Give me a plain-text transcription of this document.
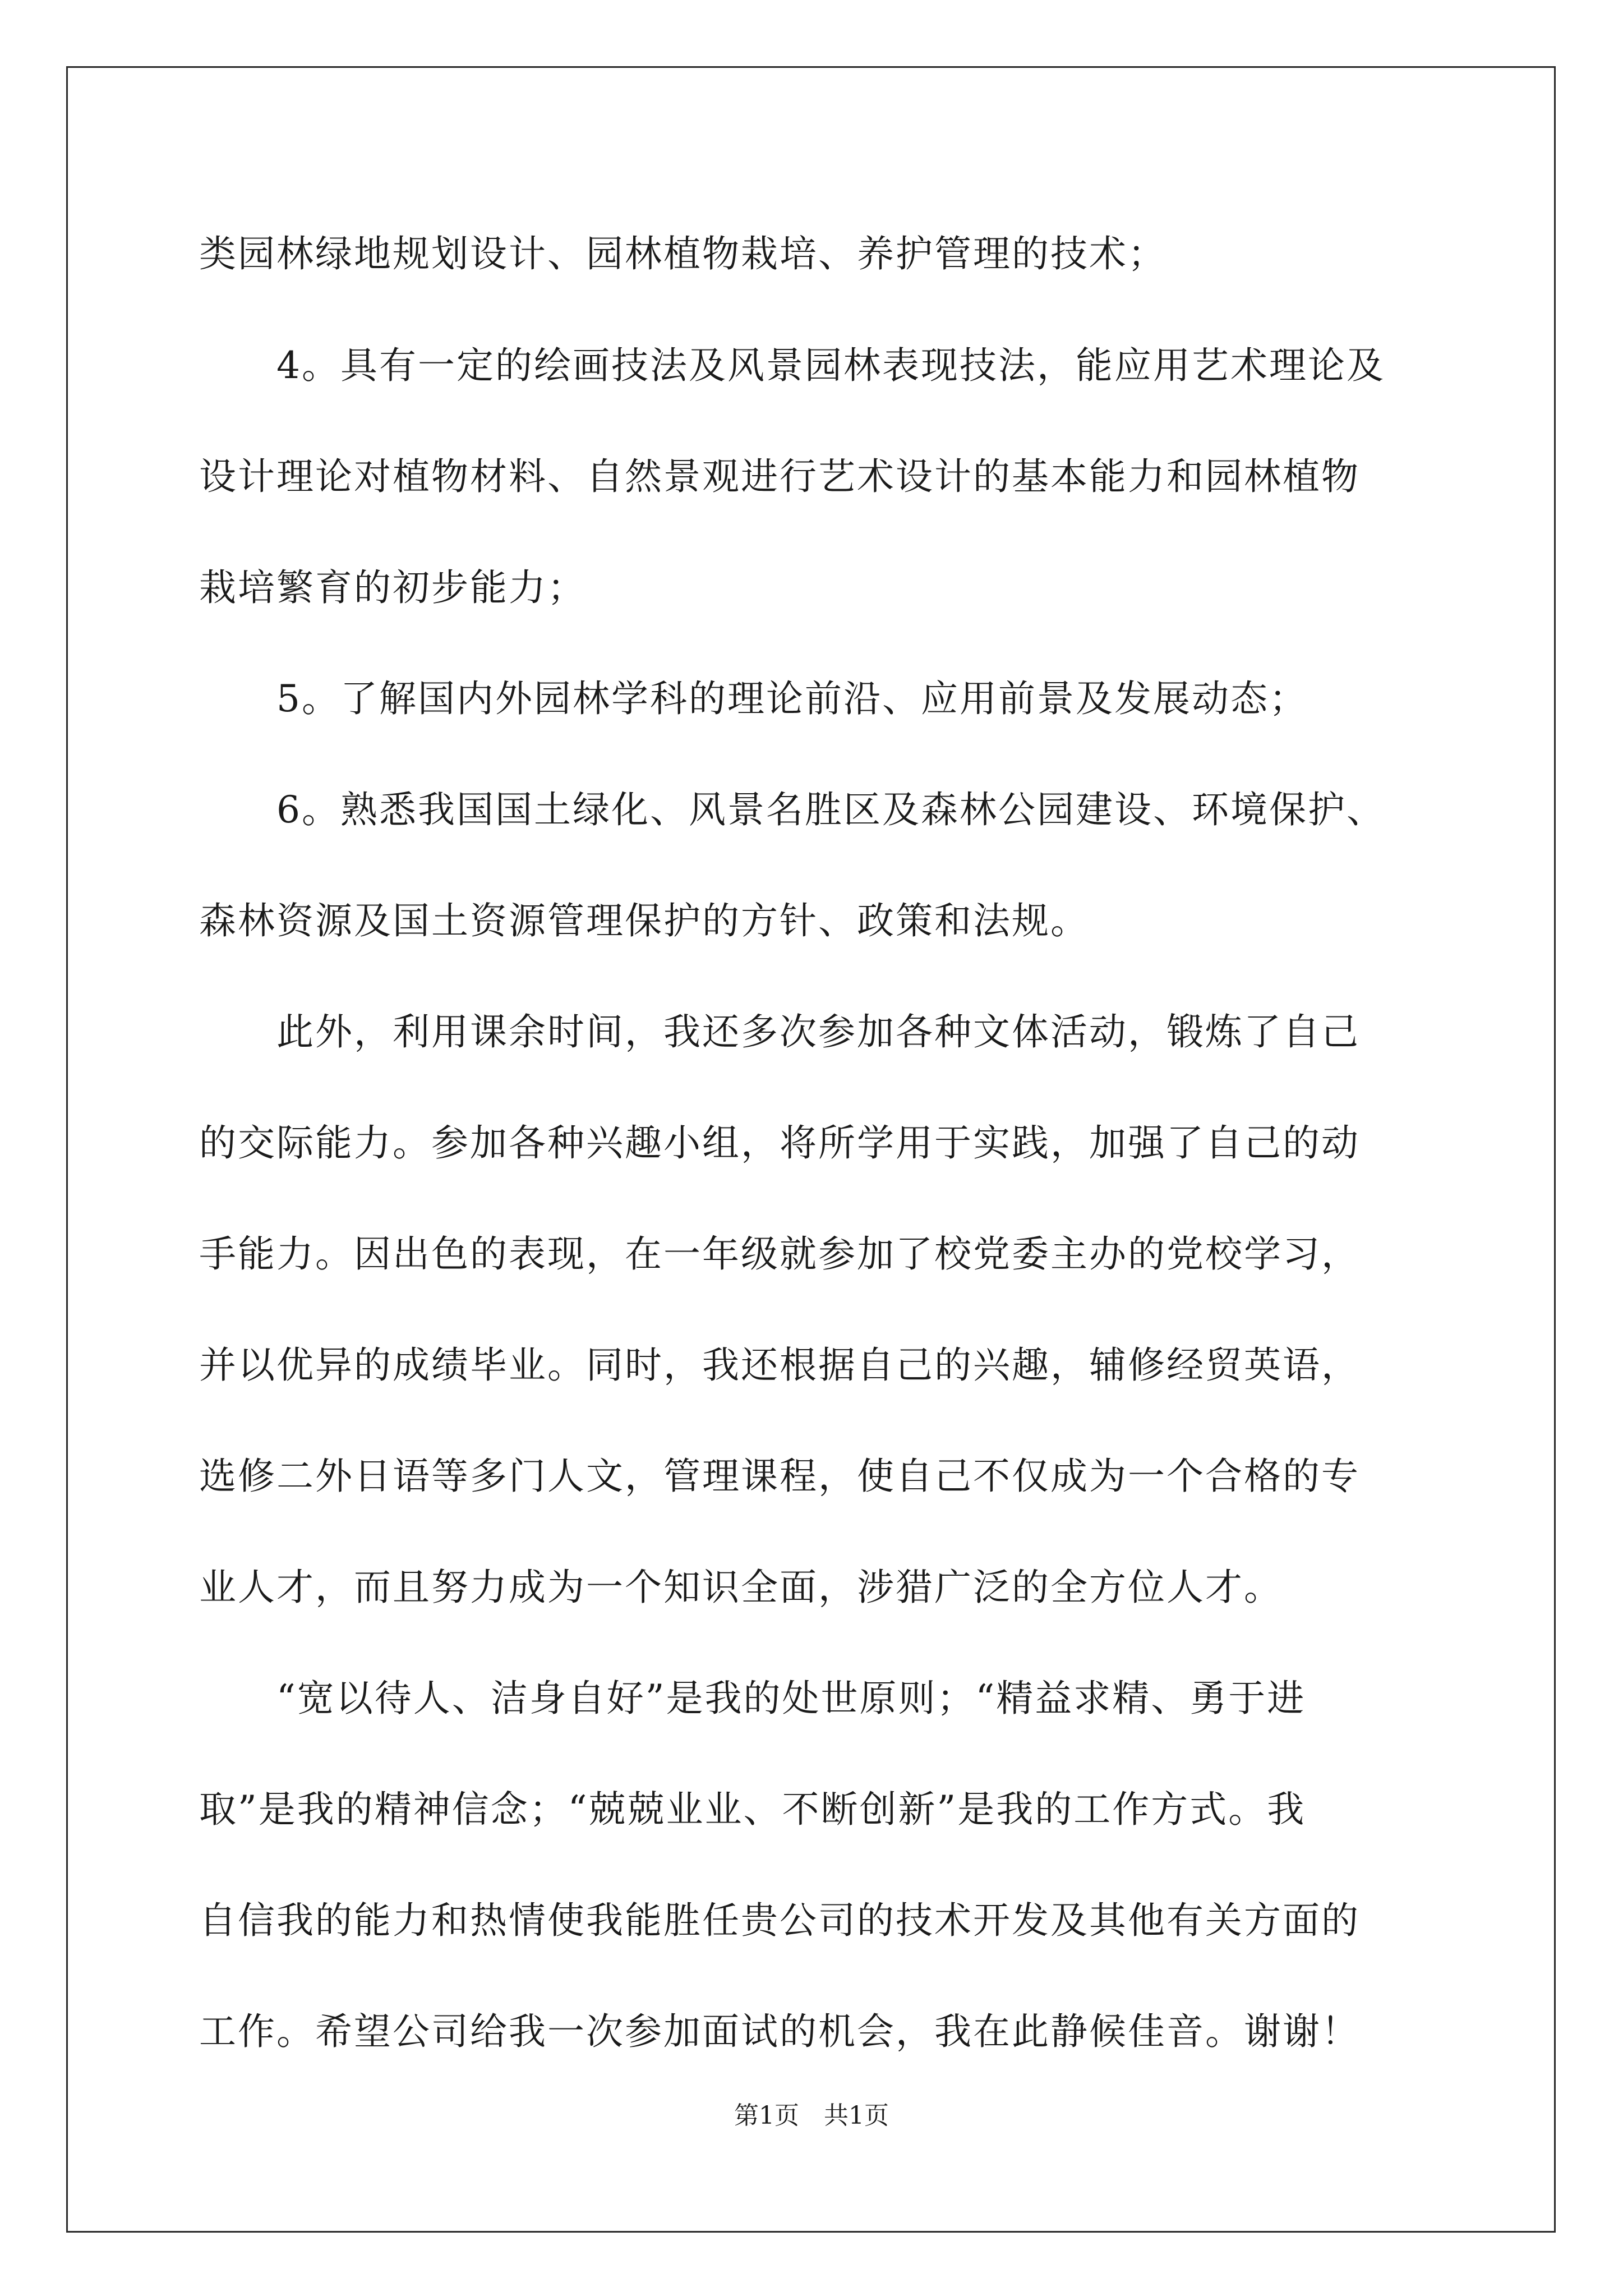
类园林绿地规划设计、园林植物栽培、养护管理的技术；
　　4。具有一定的绘画技法及风景园林表现技法，能应用艺术理论及
设计理论对植物材料、自然景观进行艺术设计的基本能力和园林植物
栽培繁育的初步能力；
　　5。了解国内外园林学科的理论前沿、应用前景及发展动态；
　　6。熟悉我国国土绿化、风景名胜区及森林公园建设、环境保护、
森林资源及国土资源管理保护的方针、政策和法规。
　　此外，利用课余时间，我还多次参加各种文体活动，锻炼了自己
的交际能力。参加各种兴趣小组，将所学用于实践，加强了自己的动
手能力。因出色的表现，在一年级就参加了校党委主办的党校学习，
并以优异的成绩毕业。同时，我还根据自己的兴趣，辅修经贸英语，
选修二外日语等多门人文，管理课程，使自己不仅成为一个合格的专
业人才，而且努力成为一个知识全面，涉猎广泛的全方位人才。
　　“宽以待人、洁身自好”是我的处世原则；“精益求精、勇于进
取”是我的精神信念；“兢兢业业、不断创新”是我的工作方式。我
自信我的能力和热情使我能胜任贵公司的技术开发及其他有关方面的
工作。希望公司给我一次参加面试的机会，我在此静候佳音。谢谢！
第1页　共1页
